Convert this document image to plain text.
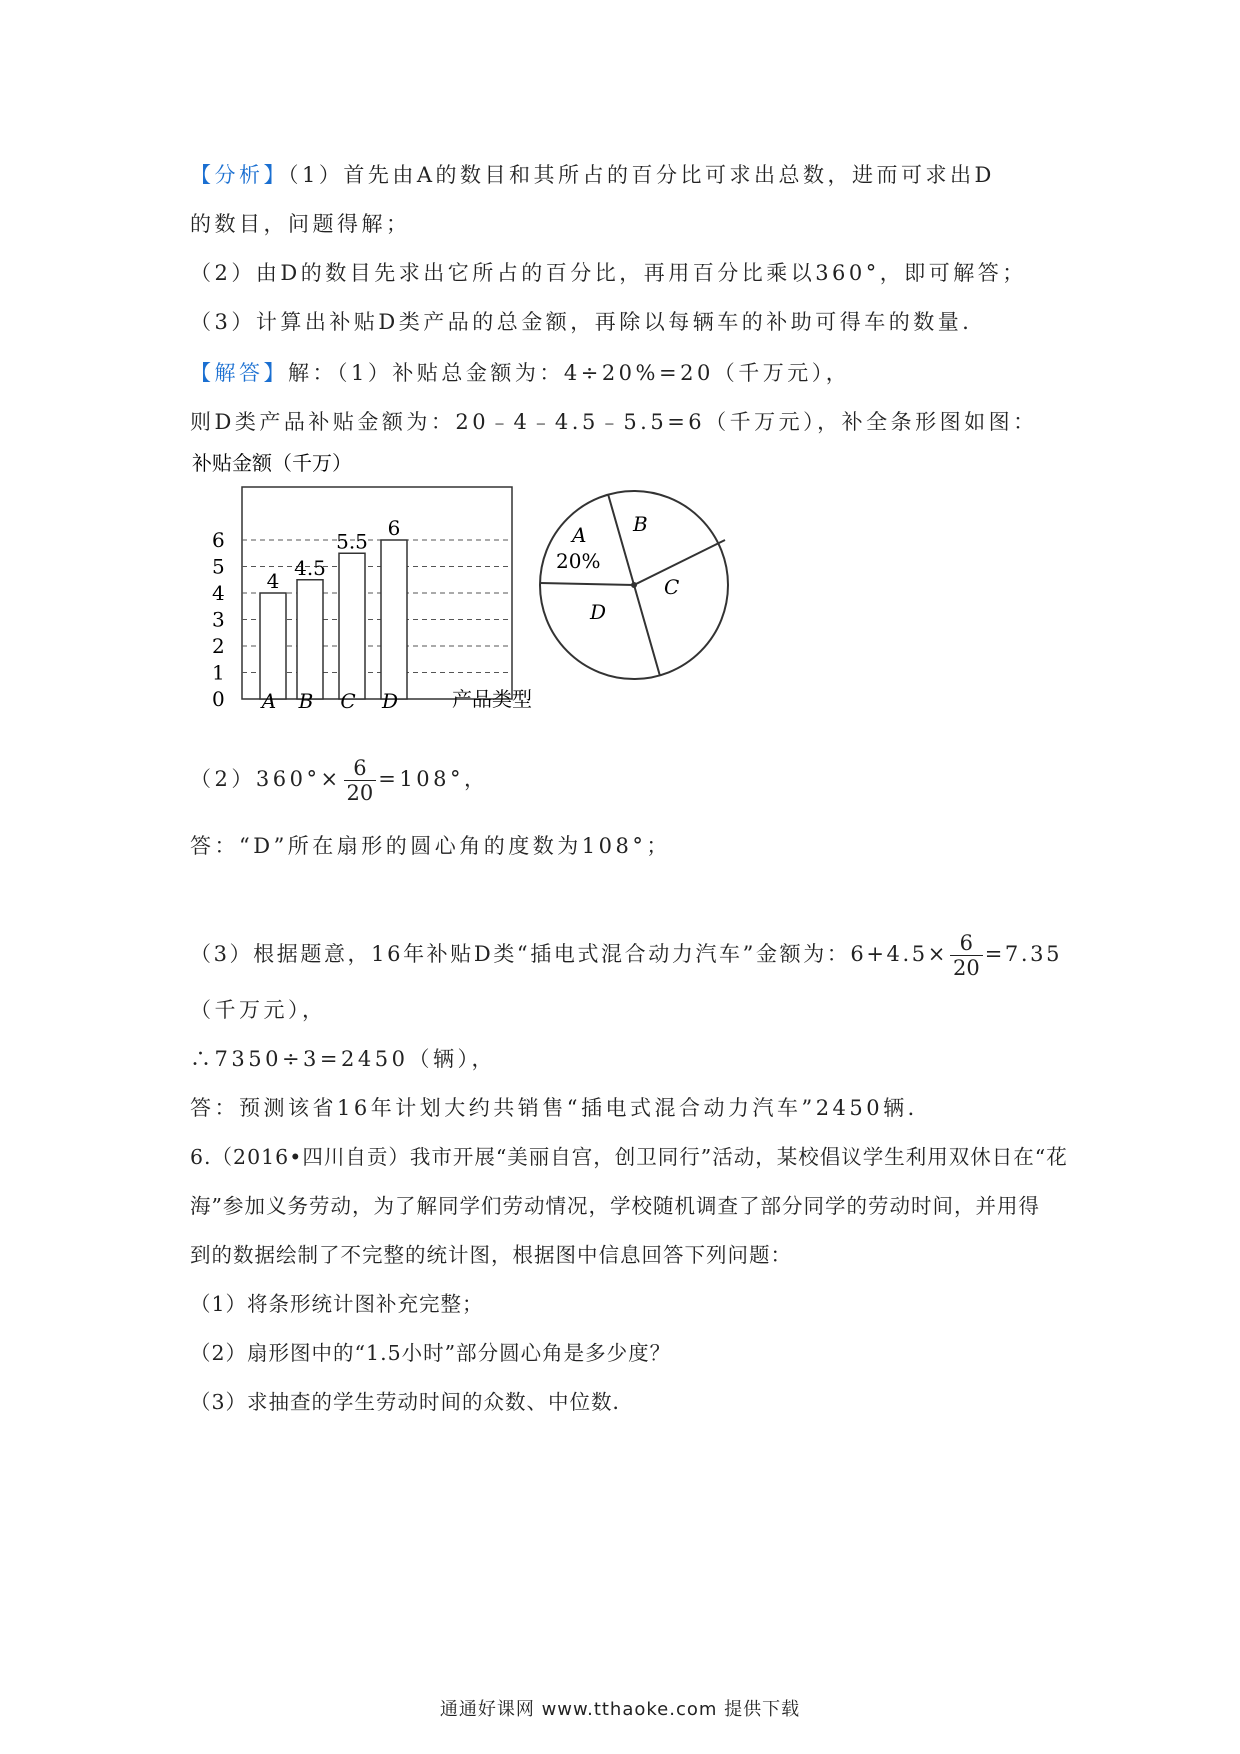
【分析】（1）首先由A的数目和其所占的百分比可求出总数，进而可求出D
的数目，问题得解；
（2）由D的数目先求出它所占的百分比，再用百分比乘以360°，即可解答；
（3）计算出补贴D类产品的总金额，再除以每辆车的补助可得车的数量．
【解答】解：（1）补贴总金额为：4÷20%=20（千万元），
则D类产品补贴金额为：20﹣4﹣4.5﹣5.5=6（千万元），补全条形图如图：
补贴金额（千万）
0
1
2
3
4
5
6
4
4.5
5.5
6
A B C D	产品类型
A
20%
B
C
D
$(2)360^\circ\times \frac{6}{20} =108^\circ$，
答：“D”所在扇形的圆心角的度数为108°；
（3）根据题意，16年补贴D类“插电式混合动力汽车”金额为：$6+4.5\times \frac{6}{20} =7.35$
（千万元），
∴7350÷3=2450（辆），
答：预测该省16年计划大约共销售“插电式混合动力汽车”2450辆．
6.（2016•四川自贡）我市开展“美丽自宫，创卫同行”活动，某校倡议学生利用双休日在“花
海”参加义务劳动，为了解同学们劳动情况，学校随机调查了部分同学的劳动时间，并用得
到的数据绘制了不完整的统计图，根据图中信息回答下列问题：
（1）将条形统计图补充完整；
（2）扇形图中的“1.5小时”部分圆心角是多少度？
（3）求抽查的学生劳动时间的众数、中位数．
通通好课网 www.tthaoke.com 提供下载
